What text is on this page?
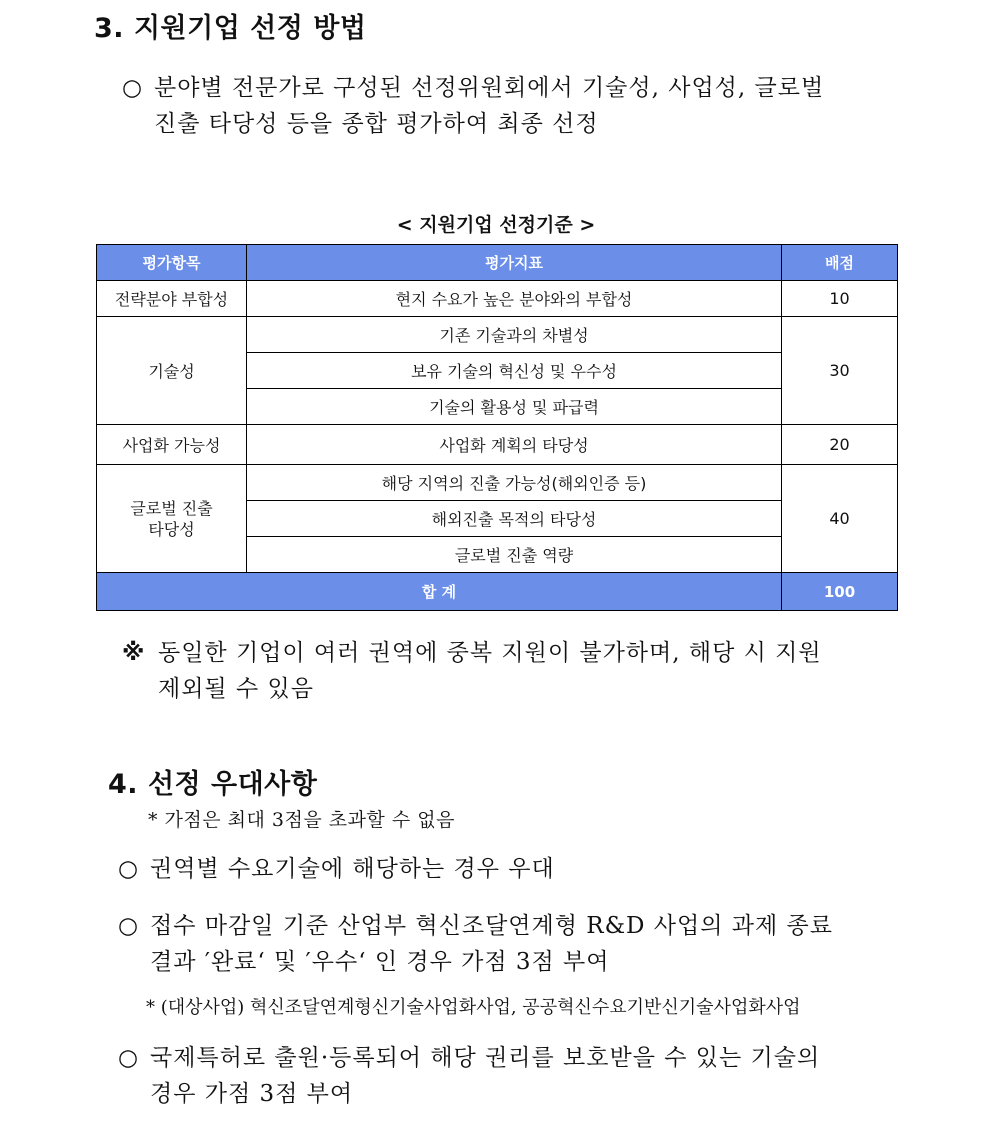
3. 지원기업 선정 방법
○ 분야별 전문가로 구성된 선정위원회에서 기술성, 사업성, 글로벌
진출 타당성 등을 종합 평가하여 최종 선정
< 지원기업 선정기준 >
평가항목	평가지표	배점
전략분야 부합성	현지 수요가 높은 분야와의 부합성	10
기술성	기존 기술과의 차별성	30
	보유 기술의 혁신성 및 우수성	
	기술의 활용성 및 파급력	
사업화 가능성	사업화 계획의 타당성	20

글로벌 진출
타당성	해당 지역의 진출 가능성(해외인증 등)	40
	해외진출 목적의 타당성	
	글로벌 진출 역량	
합 계		100
※ 동일한 기업이 여러 권역에 중복 지원이 불가하며, 해당 시 지원
제외될 수 있음
4. 선정 우대사항
* 가점은 최대 3점을 초과할 수 없음
○ 권역별 수요기술에 해당하는 경우 우대
○ 접수 마감일 기준 산업부 혁신조달연계형 R&D 사업의 과제 종료
결과 ′완료‘ 및 ′우수‘ 인 경우 가점 3점 부여
* (대상사업) 혁신조달연계형신기술사업화사업, 공공혁신수요기반신기술사업화사업
○ 국제특허로 출원·등록되어 해당 권리를 보호받을 수 있는 기술의
경우 가점 3점 부여
